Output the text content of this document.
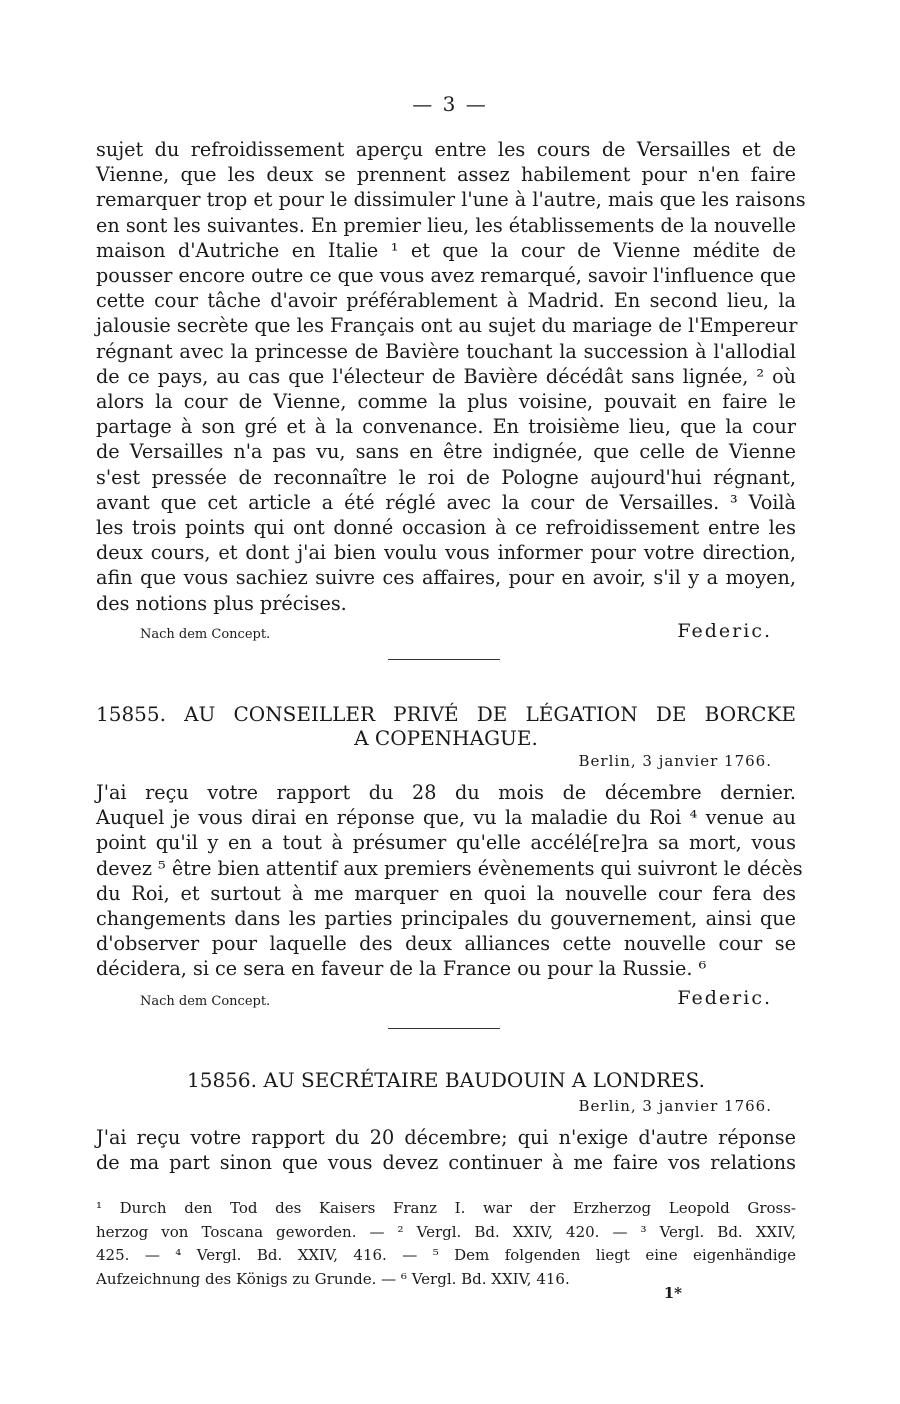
— 3 —
sujet du refroidissement aperçu entre les cours de Versailles et de
Vienne, que les deux se prennent assez habilement pour n'en faire
remarquer trop et pour le dissimuler l'une à l'autre, mais que les raisons
en sont les suivantes. En premier lieu, les établissements de la nouvelle
maison d'Autriche en Italie ¹ et que la cour de Vienne médite de
pousser encore outre ce que vous avez remarqué, savoir l'influence que
cette cour tâche d'avoir préférablement à Madrid. En second lieu, la
jalousie secrète que les Français ont au sujet du mariage de l'Empereur
régnant avec la princesse de Bavière touchant la succession à l'allodial
de ce pays, au cas que l'électeur de Bavière décédât sans lignée, ² où
alors la cour de Vienne, comme la plus voisine, pouvait en faire le
partage à son gré et à la convenance. En troisième lieu, que la cour
de Versailles n'a pas vu, sans en être indignée, que celle de Vienne
s'est pressée de reconnaître le roi de Pologne aujourd'hui régnant,
avant que cet article a été réglé avec la cour de Versailles. ³ Voilà
les trois points qui ont donné occasion à ce refroidissement entre les
deux cours, et dont j'ai bien voulu vous informer pour votre direction,
afin que vous sachiez suivre ces affaires, pour en avoir, s'il y a moyen,
des notions plus précises.
Nach dem Concept.	Federic.
15855. AU CONSEILLER PRIVÉ DE LÉGATION DE BORCKE
A COPENHAGUE.
Berlin, 3 janvier 1766.
J'ai reçu votre rapport du 28 du mois de décembre dernier.
Auquel je vous dirai en réponse que, vu la maladie du Roi ⁴ venue au
point qu'il y en a tout à présumer qu'elle accélé[re]ra sa mort, vous
devez ⁵ être bien attentif aux premiers évènements qui suivront le décès
du Roi, et surtout à me marquer en quoi la nouvelle cour fera des
changements dans les parties principales du gouvernement, ainsi que
d'observer pour laquelle des deux alliances cette nouvelle cour se
décidera, si ce sera en faveur de la France ou pour la Russie. ⁶
Nach dem Concept.	Federic.
15856. AU SECRÉTAIRE BAUDOUIN A LONDRES.
Berlin, 3 janvier 1766.
J'ai reçu votre rapport du 20 décembre; qui n'exige d'autre réponse
de ma part sinon que vous devez continuer à me faire vos relations
¹ Durch den Tod des Kaisers Franz I. war der Erzherzog Leopold Gross-
herzog von Toscana geworden. — ² Vergl. Bd. XXIV, 420. — ³ Vergl. Bd. XXIV,
425. — ⁴ Vergl. Bd. XXIV, 416. — ⁵ Dem folgenden liegt eine eigenhändige
Aufzeichnung des Königs zu Grunde. — ⁶ Vergl. Bd. XXIV, 416.
1*
